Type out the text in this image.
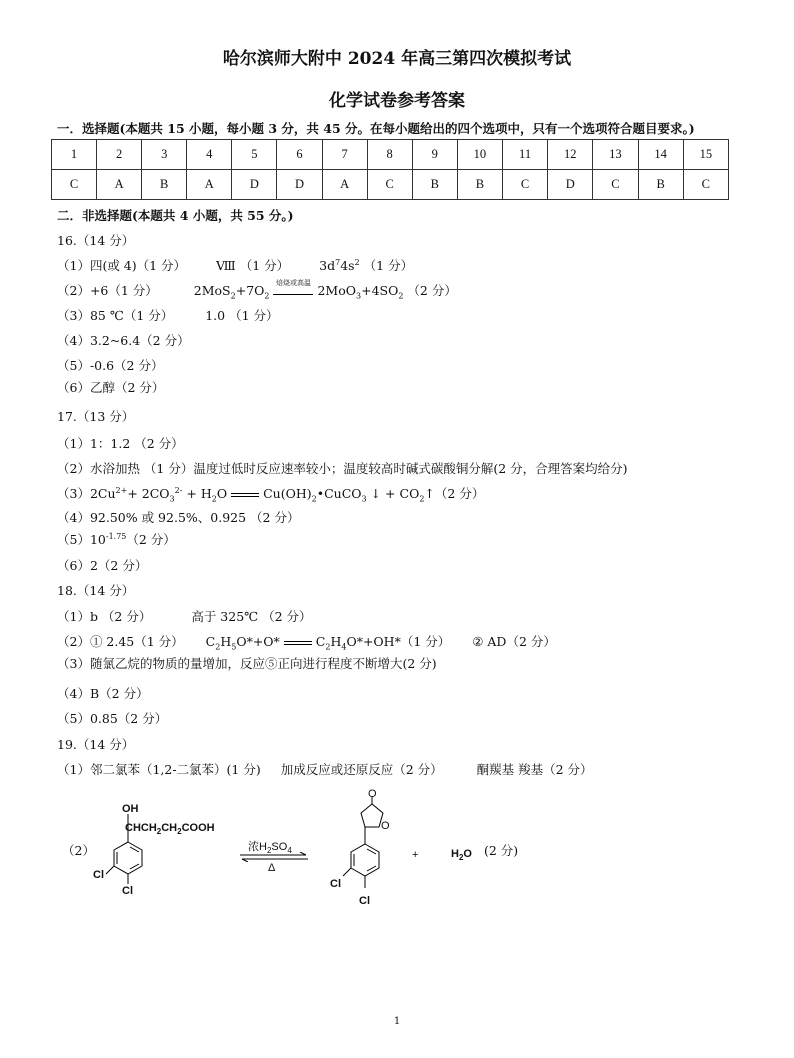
哈尔滨师大附中 2024 年高三第四次模拟考试
化学试卷参考答案
一．选择题(本题共 15 小题，每小题 3 分，共 45 分。在每小题给出的四个选项中，只有一个选项符合题目要求。)
1	2	3	4	5	6	7	8	9	10	11	12	13	14	15
C	A	B	A	D	D	A	C	B	B	C	D	C	B	C
二．非选择题(本题共 4 小题，共 55 分。)
16.（14 分）
（1）四(或 4)（1 分） Ⅷ （1 分） $3d^74s^2$ （1 分）
（2）+6（1 分）	$2MoS_2+7O_2$
焙烧或高温 $2MoO_3+4SO_2$ （2 分）
（3）85 ℃（1 分）	1.0 （1 分）
（4）3.2~6.4（2 分）
（5）-0.6（2 分）
（6）乙醇（2 分）
17.（13 分）
（1）1：1.2 （2 分）
（2）水浴加热 （1 分）温度过低时反应速率较小；温度较高时碱式碳酸铜分解(2 分，合理答案均给分)
$(3)2Cu^{2+}+ 2CO_3^{2-} + H_2O$	$Cu(OH)_2•CuCO_3$ ↓ + $CO_2↑(2$ 分）
（4）92.50% 或 92.5%、0.925 （2 分）
$(5)10^{-1.75}(2$ 分）
（6）2（2 分）
18.（14 分）
（1）b （2 分）	高于 325℃ （2 分）
（2）① 2.45（1 分） $C_2H_5O*+O*$	$C_2H_4O*+OH*(1$ 分） ② AD（2 分）
（3）随氯乙烷的物质的量增加，反应⑤正向进行程度不断增大(2 分)
（4）B（2 分）
（5）0.85（2 分）
19.（14 分）
（1）邻二氯苯（1,2-二氯苯）(1 分) 加成反应或还原反应（2 分）	酮羰基 羧基（2 分）
（2）
OH
$CHCH_2CH_2COOH$
Cl
Cl
浓$H_2SO_4$
Δ
O
O
Cl
Cl
+	$H_2O$ (2 分)
1
